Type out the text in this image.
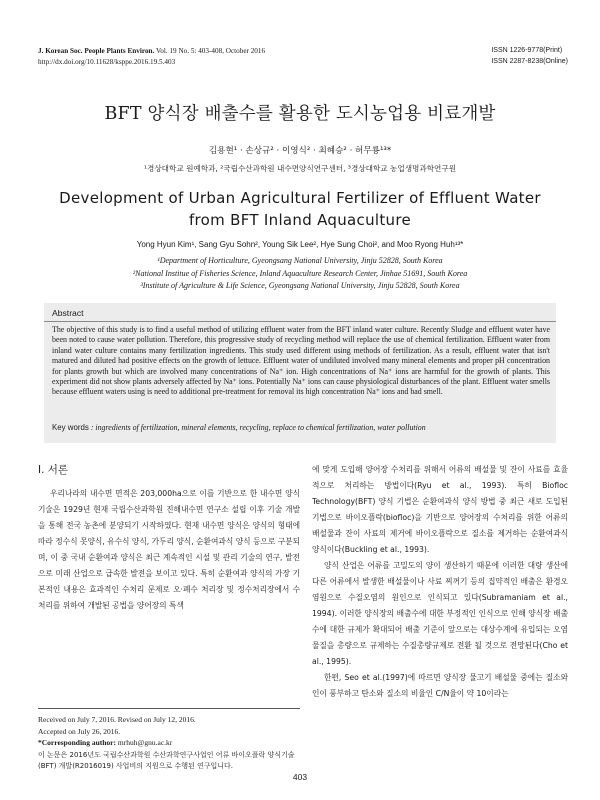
J. Korean Soc. People Plants Environ. Vol. 19 No. 5: 403-408, October 2016
http://dx.doi.org/10.11628/ksppe.2016.19.5.403
ISSN 1226-9778(Print)
ISSN 2287-8238(Online)
BFT 양식장 배출수를 활용한 도시농업용 비료개발
김용현¹ · 손상규² · 이영식² · 최혜승² · 허무룡¹³*
¹경상대학교 원예학과, ²국립수산과학원 내수면양식연구센터, ³경상대학교 농업생명과학연구원
Development of Urban Agricultural Fertilizer of Effluent Water
from BFT Inland Aquaculture
Yong Hyun Kim¹, Sang Gyu Sohn², Young Sik Lee², Hye Sung Choi², and Moo Ryong Huh¹³*
¹Department of Horticulture, Gyeongsang National University, Jinju 52828, South Korea
²National Institue of Fisheries Science, Inland Aquaculture Research Center, Jinhae 51691, South Korea
³Institute of Agriculture & Life Science, Gyeongsang National University, Jinju 52828, South Korea
Abstract
The objective of this study is to find a useful method of utilizing effluent water from the BFT inland water culture. Recently Sludge and effluent water have been noted to cause water pollution. Therefore, this progressive study of recycling method will replace the use of chemical fertilization. Effluent water from inland water culture contains many fertilization ingredients. This study used different using methods of fertilization. As a result, effluent water that isn't matured and diluted had positive effects on the growth of lettuce. Effluent water of undiluted involved many mineral elements and proper pH concentration for plants growth but which are involved many concentrations of Na⁺ ion. High concentrations of Na⁺ ions are harmful for the growth of plants. This experiment did not show plants adversely affected by Na⁺ ions. Potentially Na⁺ ions can cause physiological disturbances of the plant. Effluent water smells because effluent waters using is need to additional pre-treatment for removal its high concentration Na⁺ ions and bad smell.
Key words : ingredients of fertilization, mineral elements, recycling, replace to chemical fertilization, water pollution
Ⅰ. 서론
우리나라의 내수면 면적은 203,000ha으로 이를 기반으로 한 내수면 양식 기술은 1929년 현재 국립수산과학원 진해내수면 연구소 설립 이후 기술 개발을 통해 전국 농촌에 분양되기 시작하였다. 현재 내수면 양식은 양식의 형태에 따라 정수식 못양식, 유수식 양식, 가두리 양식, 순환여과식 양식 등으로 구분되며, 이 중 국내 순환여과 양식은 최근 계속적인 시설 및 관리 기술의 연구, 발전으로 미래 산업으로 급속한 발전을 보이고 있다. 특히 순환여과 양식의 가장 기본적인 내용은 효과적인 수처리 문제로 오·폐수 처리장 및 정수처리장에서 수처리를 위하여 개발된 공법을 양어장의 특색
에 맞게 도입해 양어장 수처리를 위해서 어류의 배설물 및 잔이 사료를 효율적으로 처리하는 방법이다(Ryu et al., 1993). 특히 Biofloc Technology(BFT) 양식 기법은 순환여과식 양식 방법 중 최근 새로 도입된 기법으로 바이오플락(biofloc)을 기반으로 양어장의 수처리를 위한 어류의 배설물과 잔이 사료의 제거에 바이오플락으로 질소를 제거하는 순환여과식 양식이다(Buckling et al., 1993).
양식 산업은 어류를 고밀도의 양이 생산하기 때문에 이러한 대량 생산에 다른 어류에서 발생한 배설물이나 사료 찌꺼기 등의 집약적인 배출은 환경오염원으로 수질오염의 원인으로 인식되고 있다(Subramaniam et al., 1994). 이러한 양식장의 배출수에 대한 부정적인 인식으로 인해 양식장 배출수에 대한 규제가 확대되어 배출 기준이 앞으로는 대상수계에 유입되는 오염물질을 총량으로 규제하는 수질총량규제로 전환 될 것으로 전망된다(Cho et al., 1995).
한편, Seo et al.(1997)에 따르면 양식장 물고기 배설물 중에는 질소와 인이 풍부하고 탄소와 질소의 비율인 C/N율이 약 10이라는
Received on July 7, 2016. Revised on July 12, 2016.
Accepted on July 26, 2016.
*Corresponding author: mrhuh@gnu.ac.kr
이 논문은 2016년도 국립수산과학원 수산과학연구사업인 어류 바이오플락 양식기술(BFT) 개발(R2016019) 사업비의 지원으로 수행된 연구입니다.
403
